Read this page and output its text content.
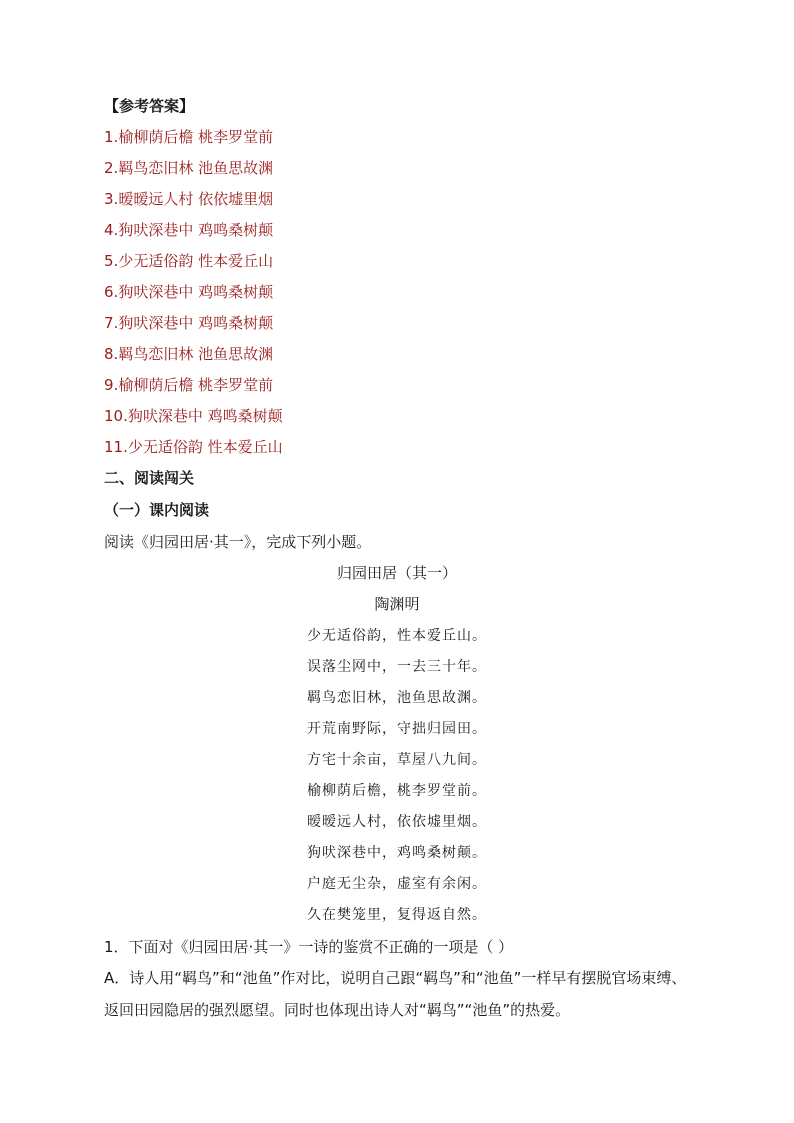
【参考答案】
1.榆柳荫后檐 桃李罗堂前
2.羁鸟恋旧林 池鱼思故渊
3.暧暧远人村 依依墟里烟
4.狗吠深巷中 鸡鸣桑树颠
5.少无适俗韵 性本爱丘山
6.狗吠深巷中 鸡鸣桑树颠
7.狗吠深巷中 鸡鸣桑树颠
8.羁鸟恋旧林 池鱼思故渊
9.榆柳荫后檐 桃李罗堂前
10.狗吠深巷中 鸡鸣桑树颠
11.少无适俗韵 性本爱丘山
二、阅读闯关
（一）课内阅读
阅读《归园田居·其一》，完成下列小题。
归园田居（其一）
陶渊明
少无适俗韵，性本爱丘山。
误落尘网中，一去三十年。
羁鸟恋旧林，池鱼思故渊。
开荒南野际，守拙归园田。
方宅十余亩，草屋八九间。
榆柳荫后檐，桃李罗堂前。
暧暧远人村，依依墟里烟。
狗吠深巷中，鸡鸣桑树颠。
户庭无尘杂，虚室有余闲。
久在樊笼里，复得返自然。
1．下面对《归园田居·其一》一诗的鉴赏不正确的一项是（ ）
A．诗人用“羁鸟”和“池鱼”作对比，说明自己跟“羁鸟”和“池鱼”一样早有摆脱官场束缚、
返回田园隐居的强烈愿望。同时也体现出诗人对“羁鸟”“池鱼”的热爱。
